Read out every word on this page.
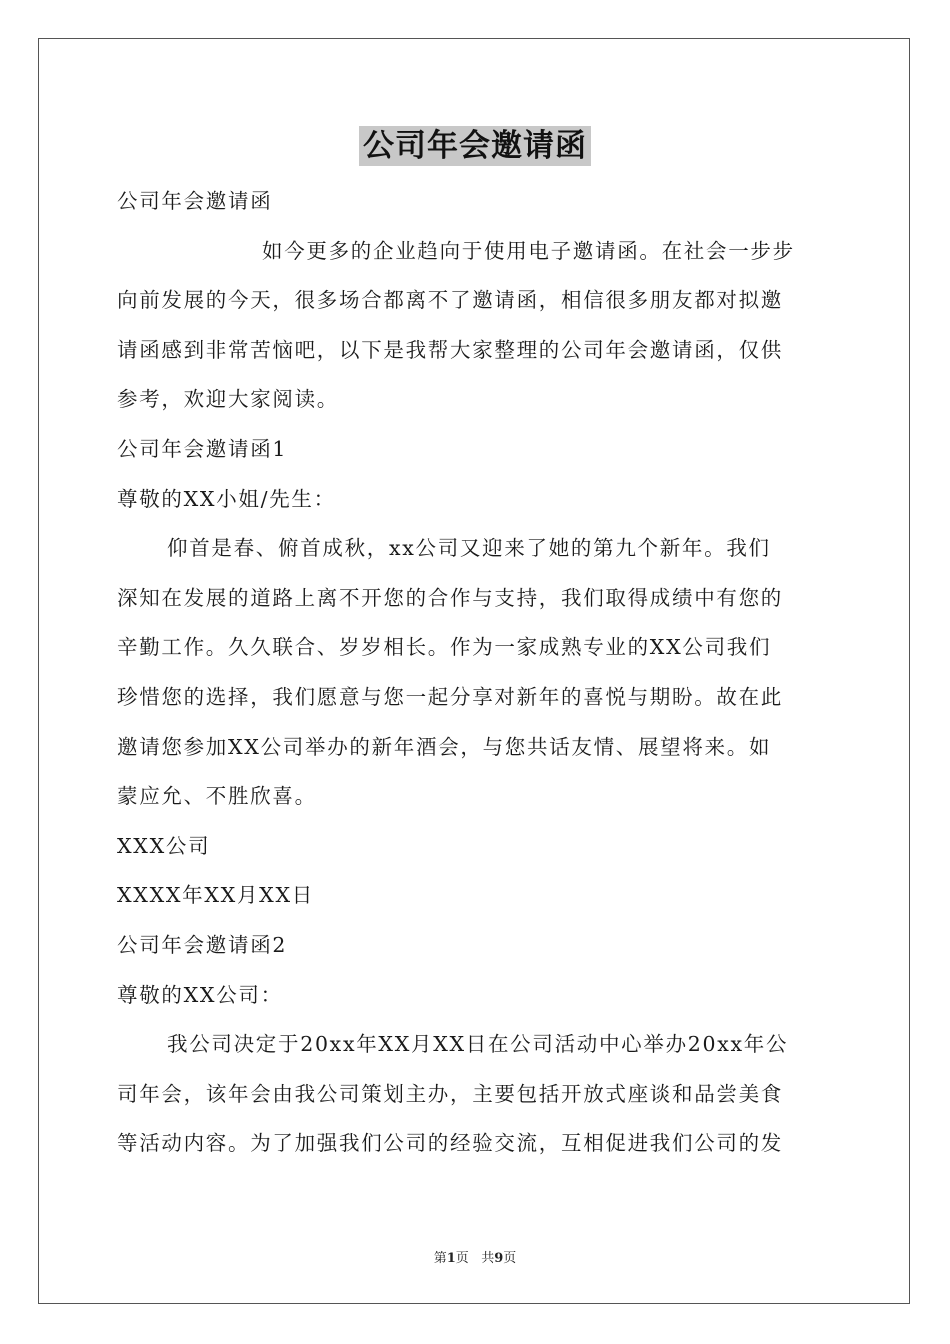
公司年会邀请函

公司年会邀请函

如今更多的企业趋向于使用电子邀请函。在社会一步步

向前发展的今天，很多场合都离不了邀请函，相信很多朋友都对拟邀

请函感到非常苦恼吧，以下是我帮大家整理的公司年会邀请函，仅供

参考，欢迎大家阅读。

公司年会邀请函1

尊敬的XX小姐/先生：

仰首是春、俯首成秋，xx公司又迎来了她的第九个新年。我们

深知在发展的道路上离不开您的合作与支持，我们取得成绩中有您的

辛勤工作。久久联合、岁岁相长。作为一家成熟专业的XX公司我们

珍惜您的选择，我们愿意与您一起分享对新年的喜悦与期盼。故在此

邀请您参加XX公司举办的新年酒会，与您共话友情、展望将来。如

蒙应允、不胜欣喜。

XXX公司

XXXX年XX月XX日

公司年会邀请函2

尊敬的XX公司：

我公司决定于20xx年XX月XX日在公司活动中心举办20xx年公

司年会，该年会由我公司策划主办，主要包括开放式座谈和品尝美食

等活动内容。为了加强我们公司的经验交流，互相促进我们公司的发

第1页 共9页
